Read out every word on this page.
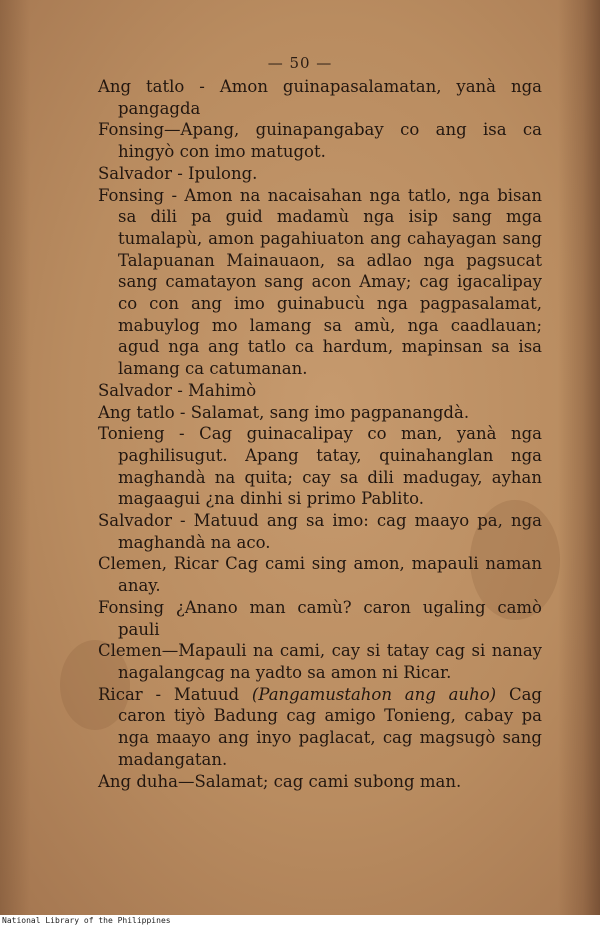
— 50 —

Ang tatlo - Amon guinapasalamatan, yanà nga pangagda

Fonsing—Apang, guinapangabay co ang isa ca hingyò con imo matugot.

Salvador - Ipulong.

Fonsing - Amon na nacaisahan nga tatlo, nga bisan sa dili pa guid madamù nga isip sang mga tumalapù, amon pagahiuaton ang cahayagan sang Talapuanan Mainauaon, sa adlao nga pagsucat sang camatayon sang acon Amay; cag igacalipay co con ang imo guinabucù nga pagpasalamat, mabuylog mo lamang sa amù, nga caadlauan; agud nga ang tatlo ca hardum, mapinsan sa isa lamang ca catumanan.

Salvador - Mahimò

Ang tatlo - Salamat, sang imo pagpanangdà.

Tonieng - Cag guinacalipay co man, yanà nga paghilisugut. Apang tatay, quinahanglan nga maghandà na quita; cay sa dili madugay, ayhan magaagui ¿na dinhi si primo Pablito.

Salvador - Matuud ang sa imo: cag maayo pa, nga maghandà na aco.

Clemen, Ricar Cag cami sing amon, mapauli naman anay.

Fonsing ¿Anano man camù? caron ugaling camò pauli

Clemen—Mapauli na cami, cay si tatay cag si nanay nagalangcag na yadto sa amon ni Ricar.

Ricar - Matuud (Pangamustahon ang auho) Cag caron tiyò Badung cag amigo Tonieng, cabay pa nga maayo ang inyo paglacat, cag magsugò sang madangatan.

Ang duha—Salamat; cag cami subong man.

National Library of the Philippines
